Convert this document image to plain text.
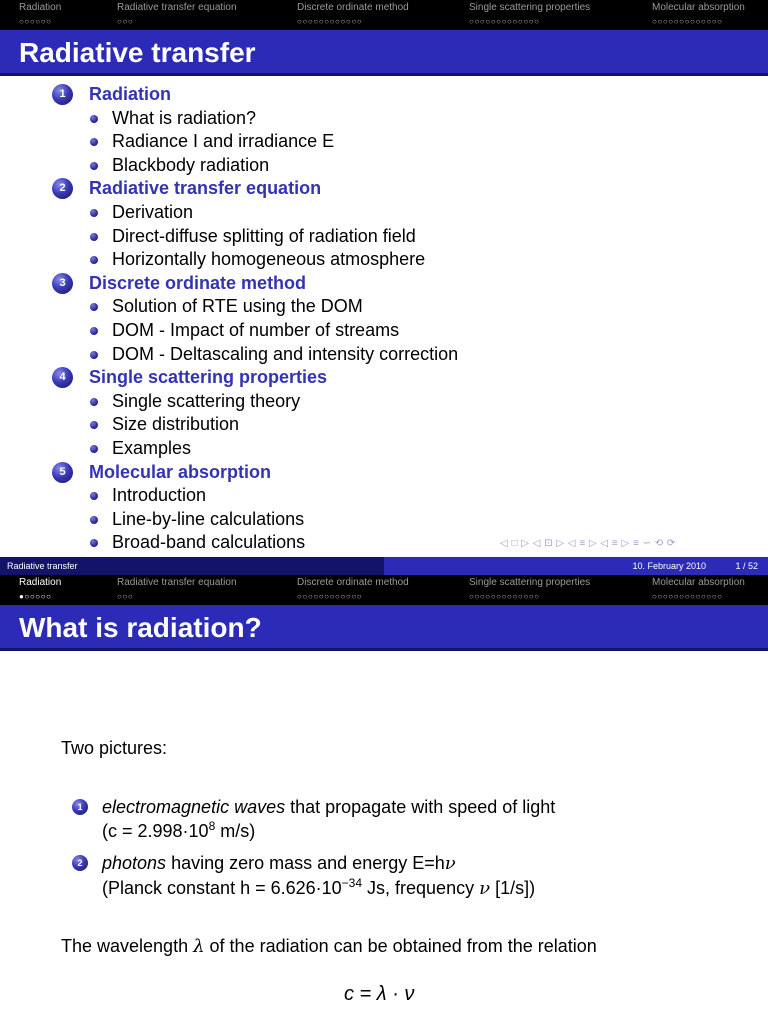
Radiation
○○○○○○
Radiative transfer equation
○○○
Discrete ordinate method
○○○○○○○○○○○○
Single scattering properties
○○○○○○○○○○○○○
Molecular absorption
○○○○○○○○○○○○○
Radiative transfer
1	Radiation
What is radiation?
Radiance I and irradiance E
Blackbody radiation
2	Radiative transfer equation
Derivation
Direct-diffuse splitting of radiation field
Horizontally homogeneous atmosphere
3	Discrete ordinate method
Solution of RTE using the DOM
DOM - Impact of number of streams
DOM - Deltascaling and intensity correction
4	Single scattering properties
Single scattering theory
Size distribution
Examples
5	Molecular absorption
Introduction
Line-by-line calculations
Broad-band calculations	◁ □ ▷ ◁ ⊡ ▷ ◁ ≡ ▷ ◁ ≡ ▷ ≡ ∽ ⟲ ⟳
Radiative transfer	10. February 2010	1 / 52
Radiation
●○○○○○
Radiative transfer equation
○○○
Discrete ordinate method
○○○○○○○○○○○○
Single scattering properties
○○○○○○○○○○○○○
Molecular absorption
○○○○○○○○○○○○○
What is radiation?
Two pictures:
1	electromagnetic waves that propagate with speed of light
($c = 2.998\cdot 10^8$ m/s)
2	photons having zero mass and energy E=hν
(Planck constant $h = 6.626\cdot 10^{-34}$ Js, frequency ν [1/s])
The wavelength λ of the radiation can be obtained from the relation
c = λ · ν
